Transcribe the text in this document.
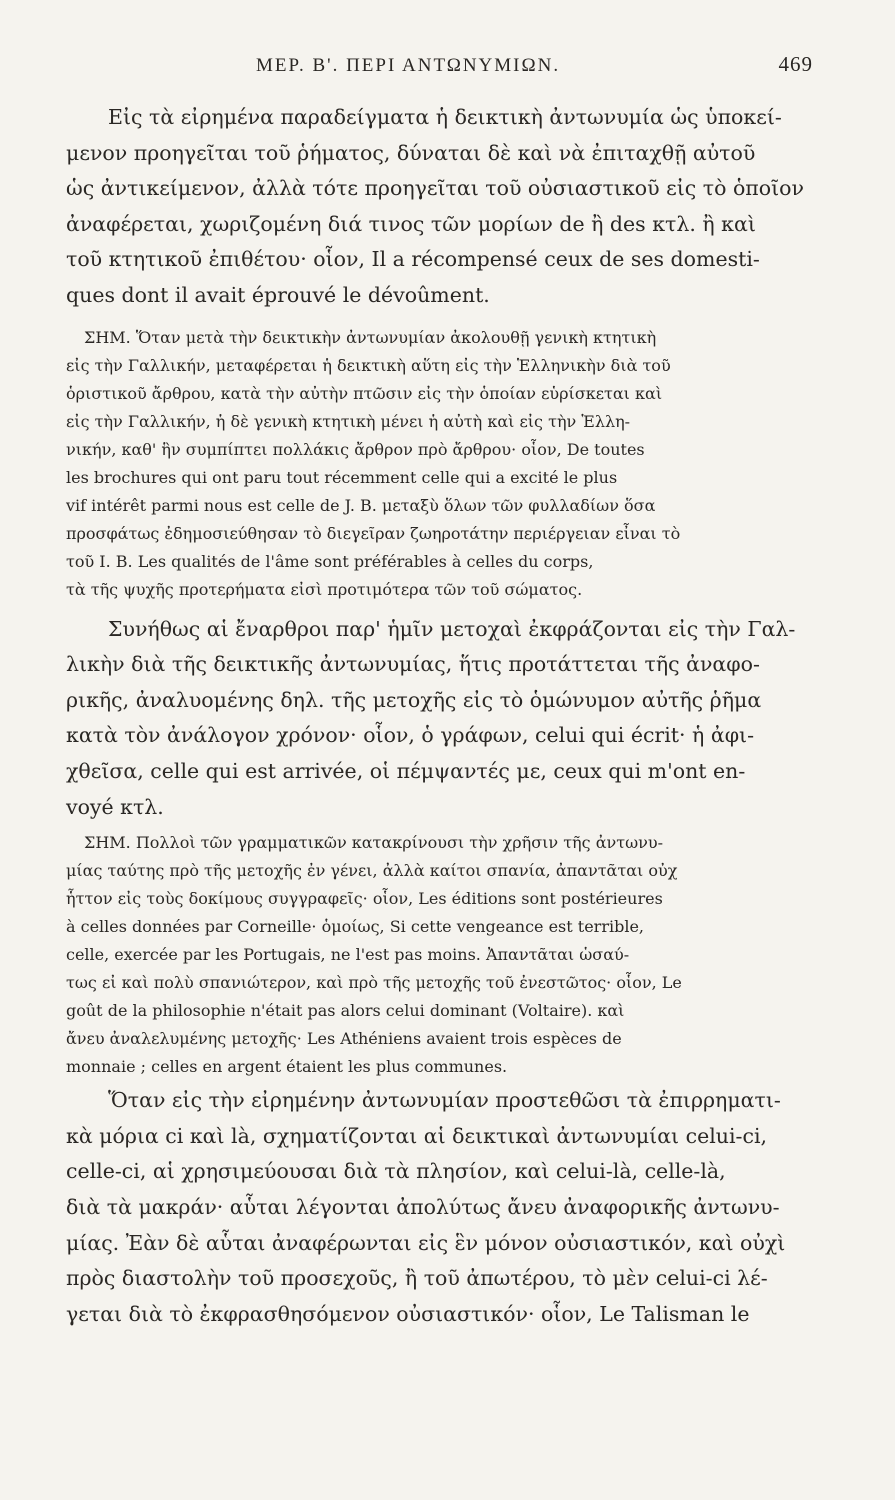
ΜΕΡ. Β'. ΠΕΡΙ ΑΝΤΩΝΥΜΙΩΝ.	469
Εἰς τὰ εἰρημένα παραδείγματα ἡ δεικτικὴ ἀντωνυμία ὡς ὑποκεί-
μενον προηγεῖται τοῦ ῥήματος, δύναται δὲ καὶ νὰ ἐπιταχθῇ αὐτοῦ
ὡς ἀντικείμενον, ἀλλὰ τότε προηγεῖται τοῦ οὐσιαστικοῦ εἰς τὸ ὁποῖον
ἀναφέρεται, χωριζομένη διά τινος τῶν μορίων de ἢ des κτλ. ἢ καὶ
τοῦ κτητικοῦ ἐπιθέτου· οἷον, Il a récompensé ceux de ses domesti-
ques dont il avait éprouvé le dévoûment.
ΣΗΜ. Ὅταν μετὰ τὴν δεικτικὴν ἀντωνυμίαν ἀκολουθῇ γενικὴ κτητικὴ
εἰς τὴν Γαλλικήν, μεταφέρεται ἡ δεικτικὴ αὕτη εἰς τὴν Ἑλληνικὴν διὰ τοῦ
ὁριστικοῦ ἄρθρου, κατὰ τὴν αὐτὴν πτῶσιν εἰς τὴν ὁποίαν εὑρίσκεται καὶ
εἰς τὴν Γαλλικήν, ἡ δὲ γενικὴ κτητικὴ μένει ἡ αὐτὴ καὶ εἰς τὴν Ἑλλη-
νικήν, καθ' ἣν συμπίπτει πολλάκις ἄρθρον πρὸ ἄρθρου· οἷον, De toutes
les brochures qui ont paru tout récemment celle qui a excité le plus
vif intérêt parmi nous est celle de J. B. μεταξὺ ὅλων τῶν φυλλαδίων ὅσα
προσφάτως ἐδημοσιεύθησαν τὸ διεγεῖραν ζωηροτάτην περιέργειαν εἶναι τὸ
τοῦ I. B. Les qualités de l'âme sont préférables à celles du corps,
τὰ τῆς ψυχῆς προτερήματα εἰσὶ προτιμότερα τῶν τοῦ σώματος.
Συνήθως αἱ ἔναρθροι παρ' ἡμῖν μετοχαὶ ἐκφράζονται εἰς τὴν Γαλ-
λικὴν διὰ τῆς δεικτικῆς ἀντωνυμίας, ἥτις προτάττεται τῆς ἀναφο-
ρικῆς, ἀναλυομένης δηλ. τῆς μετοχῆς εἰς τὸ ὁμώνυμον αὐτῆς ῥῆμα
κατὰ τὸν ἀνάλογον χρόνον· οἷον, ὁ γράφων, celui qui écrit· ἡ ἀφι-
χθεῖσα, celle qui est arrivée, οἱ πέμψαντές με, ceux qui m'ont en-
voyé κτλ.
ΣΗΜ. Πολλοὶ τῶν γραμματικῶν κατακρίνουσι τὴν χρῆσιν τῆς ἀντωνυ-
μίας ταύτης πρὸ τῆς μετοχῆς ἐν γένει, ἀλλὰ καίτοι σπανία, ἀπαντᾶται οὐχ
ἧττον εἰς τοὺς δοκίμους συγγραφεῖς· οἷον, Les éditions sont postérieures
à celles données par Corneille· ὁμοίως, Si cette vengeance est terrible,
celle, exercée par les Portugais, ne l'est pas moins. Ἀπαντᾶται ὡσαύ-
τως εἰ καὶ πολὺ σπανιώτερον, καὶ πρὸ τῆς μετοχῆς τοῦ ἐνεστῶτος· οἷον, Le
goût de la philosophie n'était pas alors celui dominant (Voltaire). καὶ
ἄνευ ἀναλελυμένης μετοχῆς· Les Athéniens avaient trois espèces de
monnaie ; celles en argent étaient les plus communes.
Ὅταν εἰς τὴν εἰρημένην ἀντωνυμίαν προστεθῶσι τὰ ἐπιρρηματι-
κὰ μόρια ci καὶ là, σχηματίζονται αἱ δεικτικαὶ ἀντωνυμίαι celui-ci,
celle-ci, αἱ χρησιμεύουσαι διὰ τὰ πλησίον, καὶ celui-là, celle-là,
διὰ τὰ μακράν· αὗται λέγονται ἀπολύτως ἄνευ ἀναφορικῆς ἀντωνυ-
μίας. Ἐὰν δὲ αὗται ἀναφέρωνται εἰς ἓν μόνον οὐσιαστικόν, καὶ οὐχὶ
πρὸς διαστολὴν τοῦ προσεχοῦς, ἢ τοῦ ἀπωτέρου, τὸ μὲν celui-ci λέ-
γεται διὰ τὸ ἐκφρασθησόμενον οὐσιαστικόν· οἷον, Le Talisman le
